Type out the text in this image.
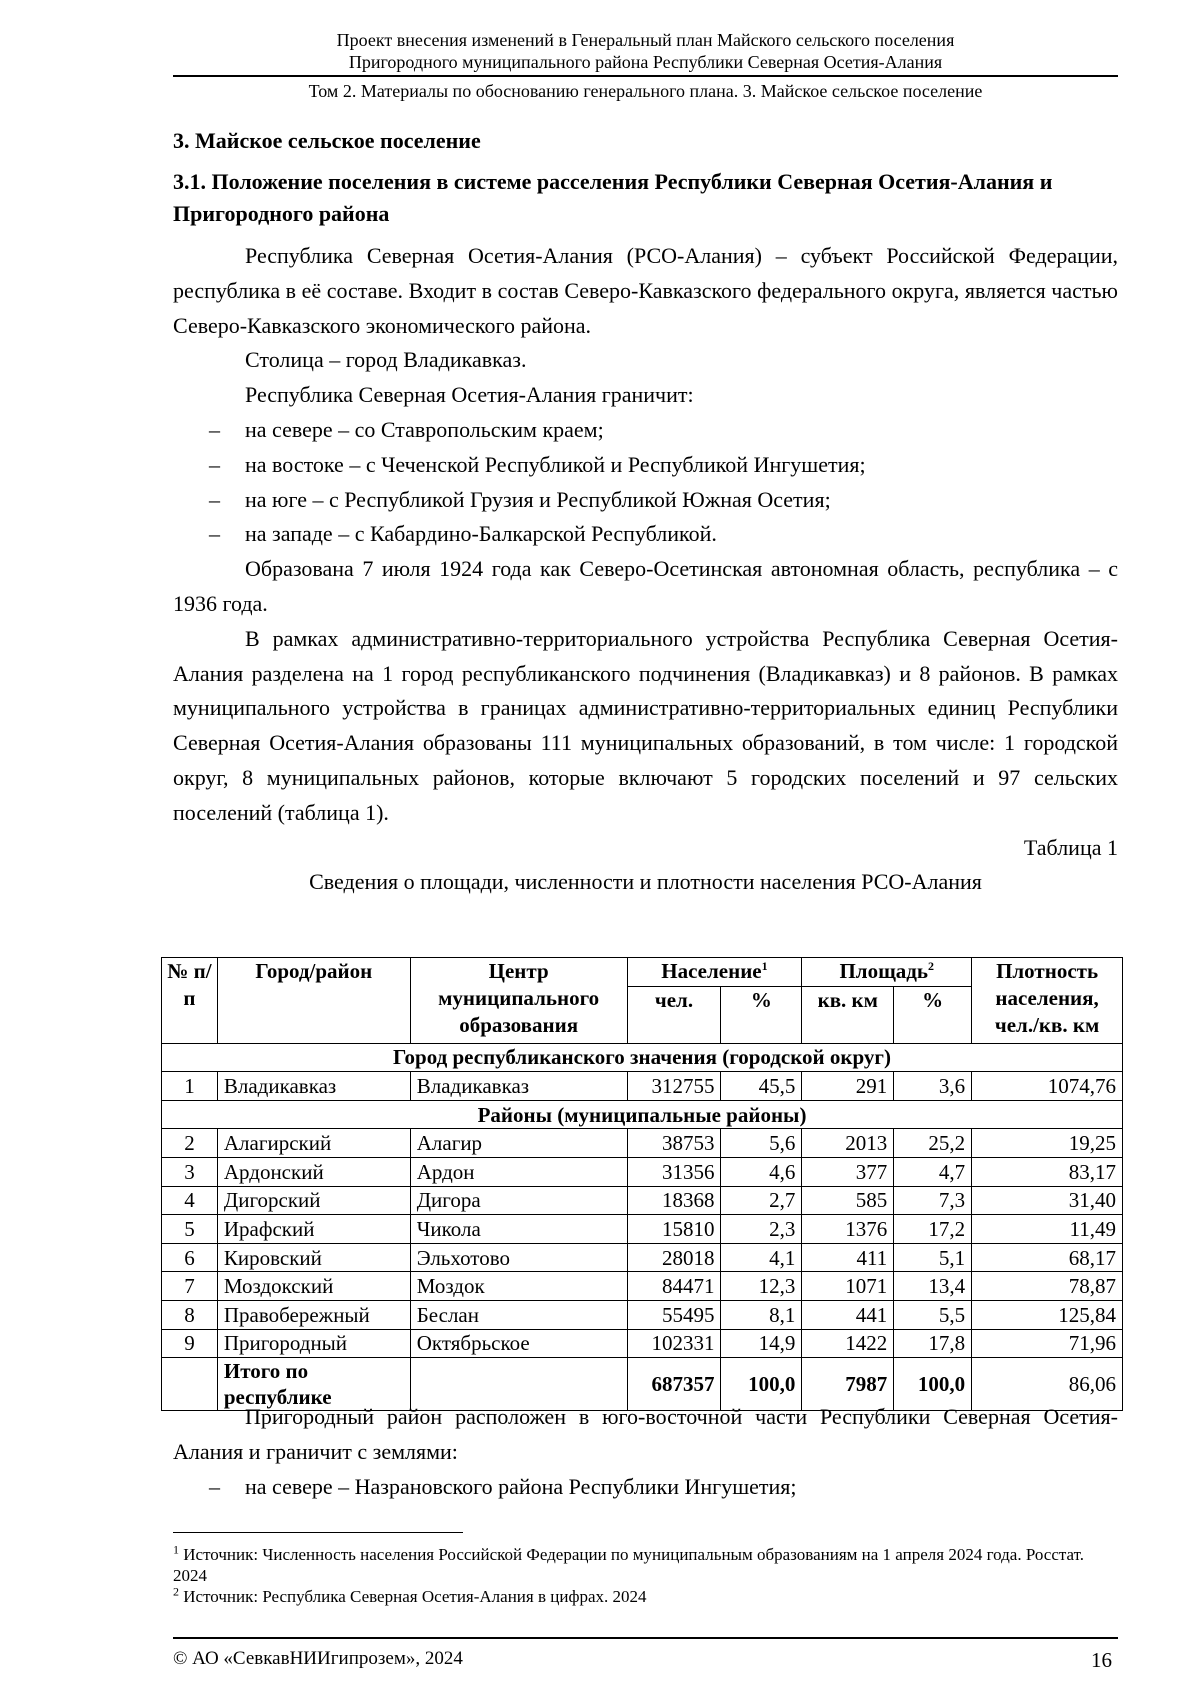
Проект внесения изменений в Генеральный план Майского сельского поселения
Пригородного муниципального района Республики Северная Осетия-Алания
Том 2. Материалы по обоснованию генерального плана. 3. Майское сельское поселение
3. Майское сельское поселение
3.1. Положение поселения в системе расселения Республики Северная Осетия-Алания и Пригородного района
Республика Северная Осетия-Алания (РСО-Алания) – субъект Российской Федерации, республика в её составе. Входит в состав Северо-Кавказского федерального округа, является частью Северо-Кавказского экономического района.
Столица – город Владикавказ.
Республика Северная Осетия-Алания граничит:
– на севере – со Ставропольским краем;
– на востоке – с Чеченской Республикой и Республикой Ингушетия;
– на юге – с Республикой Грузия и Республикой Южная Осетия;
– на западе – с Кабардино-Балкарской Республикой.
Образована 7 июля 1924 года как Северо-Осетинская автономная область, республика – с 1936 года.
В рамках административно-территориального устройства Республика Северная Осетия-Алания разделена на 1 город республиканского подчинения (Владикавказ) и 8 районов. В рамках муниципального устройства в границах административно-территориальных единиц Республики Северная Осетия-Алания образованы 111 муниципальных образований, в том числе: 1 городской округ, 8 муниципальных районов, которые включают 5 городских поселений и 97 сельских поселений (таблица 1).
Таблица 1
Сведения о площади, численности и плотности населения РСО-Алания
№ п/п	Город/район	Центр муниципального образования	Население$^1$		Площадь$^2$		Плотность населения, чел./кв. км
			чел.	%	кв. км	%	
Город республиканского значения (городской округ)							
1	Владикавказ	Владикавказ	312755	45,5	291	3,6	1074,76
Районы (муниципальные районы)							
2	Алагирский	Алагир	38753	5,6	2013	25,2	19,25
3	Ардонский	Ардон	31356	4,6	377	4,7	83,17
4	Дигорский	Дигора	18368	2,7	585	7,3	31,40
5	Ирафский	Чикола	15810	2,3	1376	17,2	11,49
6	Кировский	Эльхотово	28018	4,1	411	5,1	68,17
7	Моздокский	Моздок	84471	12,3	1071	13,4	78,87
8	Правобережный	Беслан	55495	8,1	441	5,5	125,84
9	Пригородный	Октябрьское	102331	14,9	1422	17,8	71,96
	Итого по республике		687357	100,0	7987	100,0	86,06
Пригородный район расположен в юго-восточной части Республики Северная Осетия-Алания и граничит с землями:
– на севере – Назрановского района Республики Ингушетия;
$^1$ Источник: Численность населения Российской Федерации по муниципальным образованиям на 1 апреля 2024 года. Росстат. 2024
$^2$ Источник: Республика Северная Осетия-Алания в цифрах. 2024
© АО «СевкавНИИгипрозем», 2024	16
